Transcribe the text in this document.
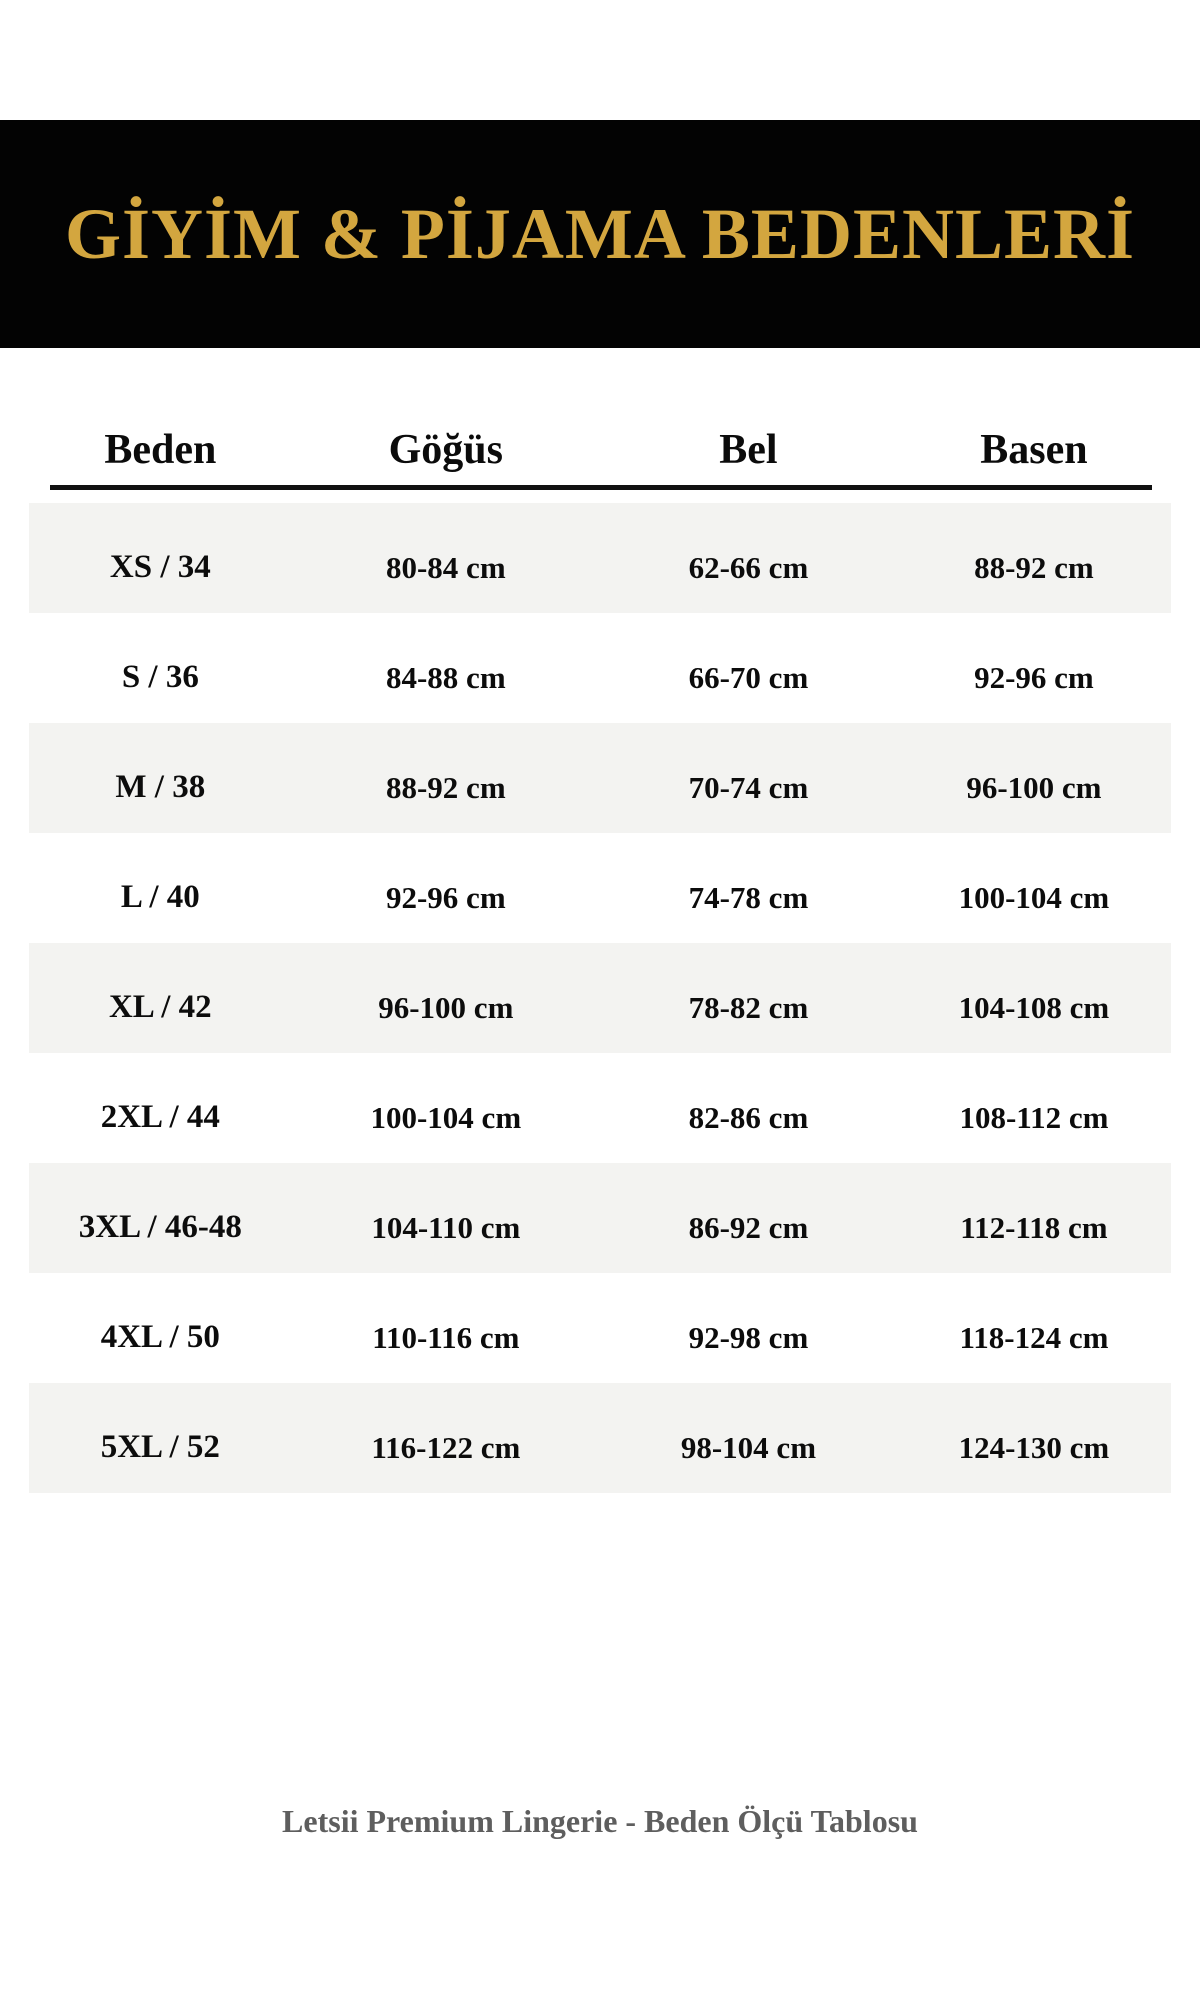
GİYİM & PİJAMA BEDENLERİ
Beden	Göğüs	Bel	Basen
XS / 34	80-84 cm	62-66 cm	88-92 cm
S / 36	84-88 cm	66-70 cm	92-96 cm
M / 38	88-92 cm	70-74 cm	96-100 cm
L / 40	92-96 cm	74-78 cm	100-104 cm
XL / 42	96-100 cm	78-82 cm	104-108 cm
2XL / 44	100-104 cm	82-86 cm	108-112 cm
3XL / 46-48	104-110 cm	86-92 cm	112-118 cm
4XL / 50	110-116 cm	92-98 cm	118-124 cm
5XL / 52	116-122 cm	98-104 cm	124-130 cm
Letsii Premium Lingerie - Beden Ölçü Tablosu
